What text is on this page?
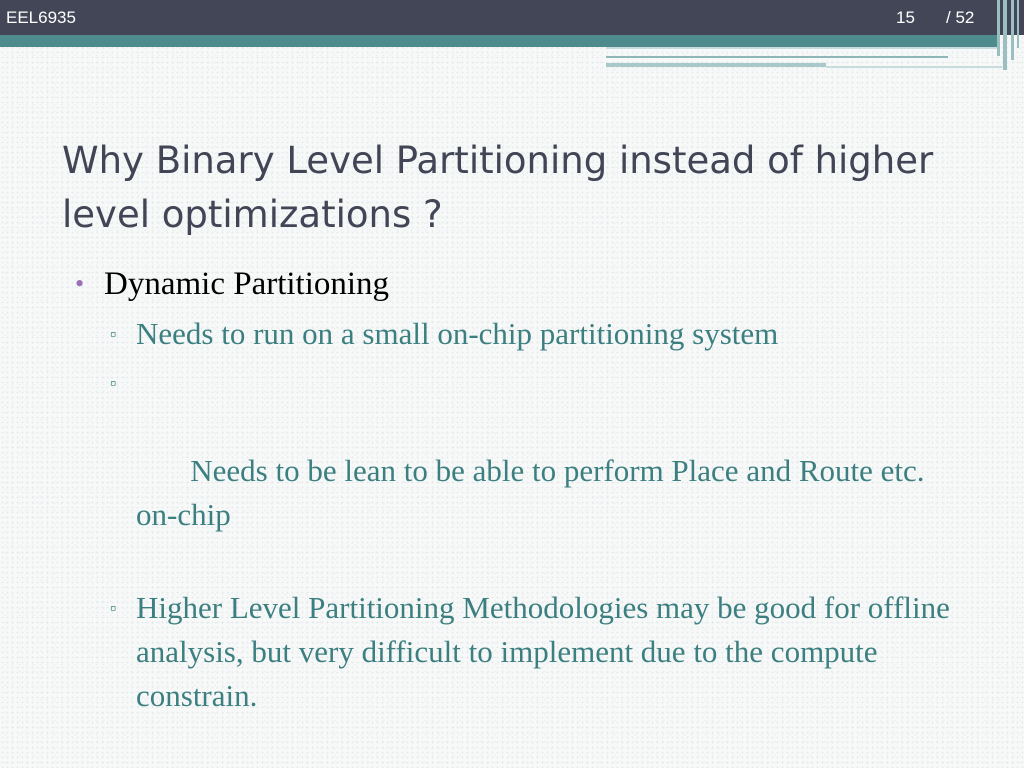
EEL6935	15 / 52
Why Binary Level Partitioning instead of higher level optimizations ?
• Dynamic Partitioning
▫ Needs to run on a small on-chip partitioning system

▫

Needs to be lean to be able to perform Place and Route etc. on-chip

▫ Higher Level Partitioning Methodologies may be good for offline analysis, but very difficult to implement due to the compute constrain.
